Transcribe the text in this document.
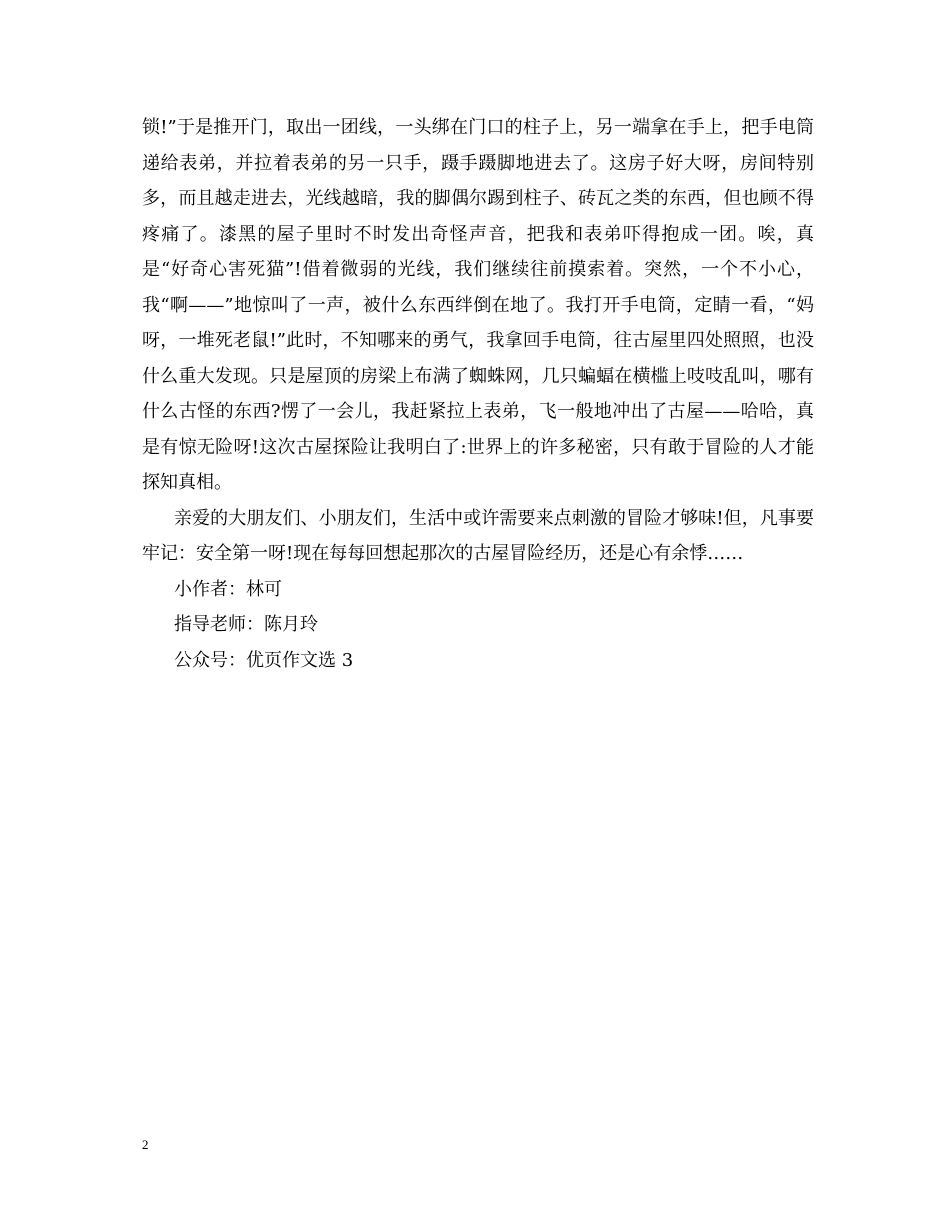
锁!”于是推开门，取出一团线，一头绑在门口的柱子上，另一端拿在手上，把手电筒递给表弟，并拉着表弟的另一只手，蹑手蹑脚地进去了。这房子好大呀，房间特别多，而且越走进去，光线越暗，我的脚偶尔踢到柱子、砖瓦之类的东西，但也顾不得疼痛了。漆黑的屋子里时不时发出奇怪声音，把我和表弟吓得抱成一团。唉，真是“好奇心害死猫”!借着微弱的光线，我们继续往前摸索着。突然，一个不小心，我“啊——”地惊叫了一声，被什么东西绊倒在地了。我打开手电筒，定睛一看，“妈呀，一堆死老鼠!”此时，不知哪来的勇气，我拿回手电筒，往古屋里四处照照，也没什么重大发现。只是屋顶的房梁上布满了蜘蛛网，几只蝙蝠在横槛上吱吱乱叫，哪有什么古怪的东西?愣了一会儿，我赶紧拉上表弟，飞一般地冲出了古屋——哈哈，真是有惊无险呀!这次古屋探险让我明白了:世界上的许多秘密，只有敢于冒险的人才能探知真相。

亲爱的大朋友们、小朋友们，生活中或许需要来点刺激的冒险才够味!但，凡事要牢记：安全第一呀!现在每每回想起那次的古屋冒险经历，还是心有余悸……

小作者：林可

指导老师：陈月玲

公众号：优页作文选 3

2
